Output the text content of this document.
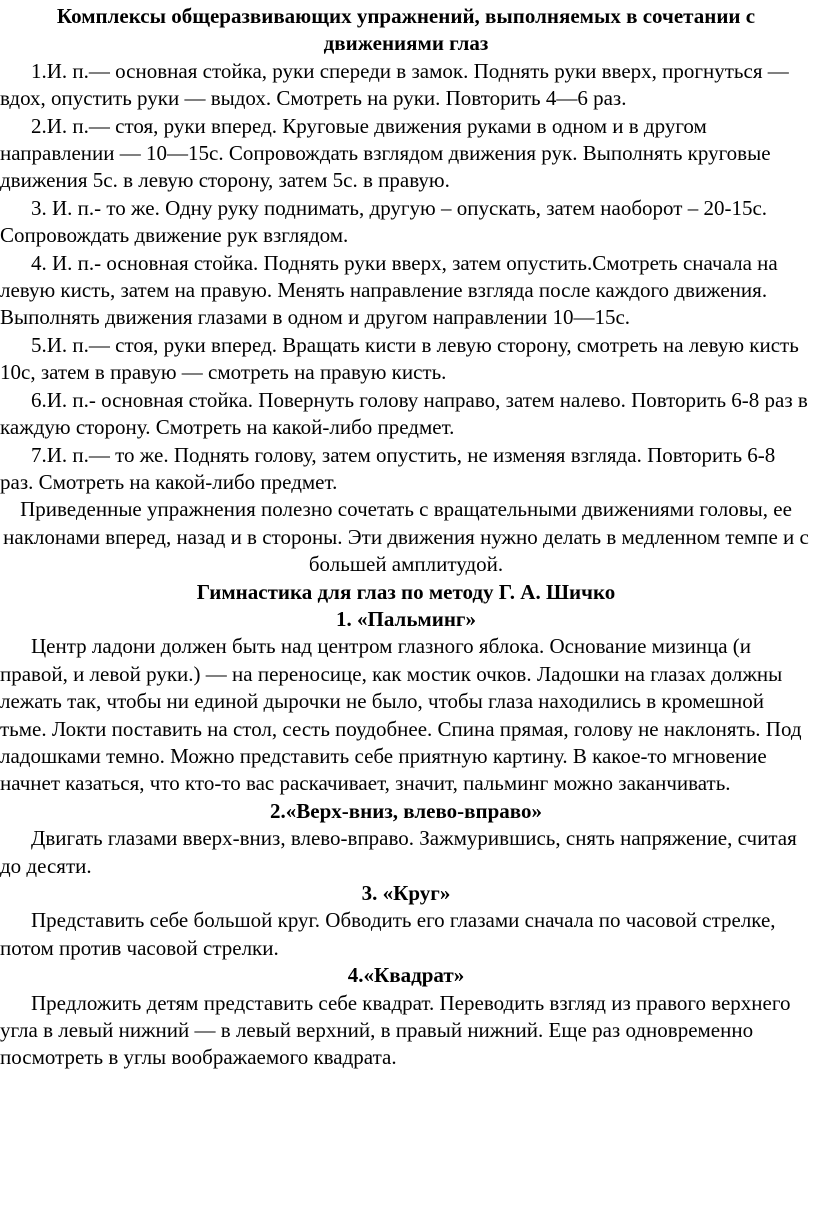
Комплексы общеразвивающих упражнений, выполняемых в сочетании с движениями глаз

1.И. п.— основная стойка, руки спереди в замок. Поднять руки вверх, прогнуться — вдох, опустить руки — выдох. Смотреть на руки. Повторить 4—6 раз.

2.И. п.— стоя, руки вперед. Круговые движения руками в одном и в другом направлении — 10—15с. Сопровождать взглядом движения рук. Выполнять круговые движения 5с. в левую сторону, затем 5с. в правую.

3. И. п.- то же. Одну руку поднимать, другую – опускать, затем наоборот – 20-15с. Сопровождать движение рук взглядом.

4. И. п.- основная стойка. Поднять руки вверх, затем опустить.Смотреть сначала на левую кисть, затем на правую. Менять направление взгляда после каждого движения. Выполнять движения глазами в одном и другом направлении 10—15с.

5.И. п.— стоя, руки вперед. Вращать кисти в левую сторону, смотреть на левую кисть 10с, затем в правую — смотреть на правую кисть.

6.И. п.- основная стойка. Повернуть голову направо, затем налево. Повторить 6-8 раз в каждую сторону. Смотреть на какой-либо предмет.

7.И. п.— то же. Поднять голову, затем опустить, не изменяя взгляда. Повторить 6-8 раз. Смотреть на какой-либо предмет.

Приведенные упражнения полезно сочетать с вращательными движениями головы, ее наклонами вперед, назад и в стороны. Эти движения нужно делать в медленном темпе и с большей амплитудой.

Гимнастика для глаз по методу Г. А. Шичко

1. «Пальминг»

Центр ладони должен быть над центром глазного яблока. Основание мизинца (и правой, и левой руки.) — на переносице, как мостик очков. Ладошки на глазах должны лежать так, чтобы ни единой дырочки не было, чтобы глаза находились в кромешной тьме. Локти поставить на стол, сесть поудобнее. Спина прямая, голову не наклонять. Под ладошками темно. Можно представить себе приятную картину. В какое-то мгновение начнет казаться, что кто-то вас раскачивает, значит, пальминг можно заканчивать.

2.«Верх-вниз, влево-вправо»

Двигать глазами вверх-вниз, влево-вправо. Зажмурившись, снять напряжение, считая до десяти.

3. «Круг»

Представить себе большой круг. Обводить его глазами сначала по часовой стрелке, потом против часовой стрелки.

4.«Квадрат»

Предложить детям представить себе квадрат. Переводить взгляд из правого верхнего угла в левый нижний — в левый верхний, в правый нижний. Еще раз одновременно посмотреть в углы воображаемого квадрата.
